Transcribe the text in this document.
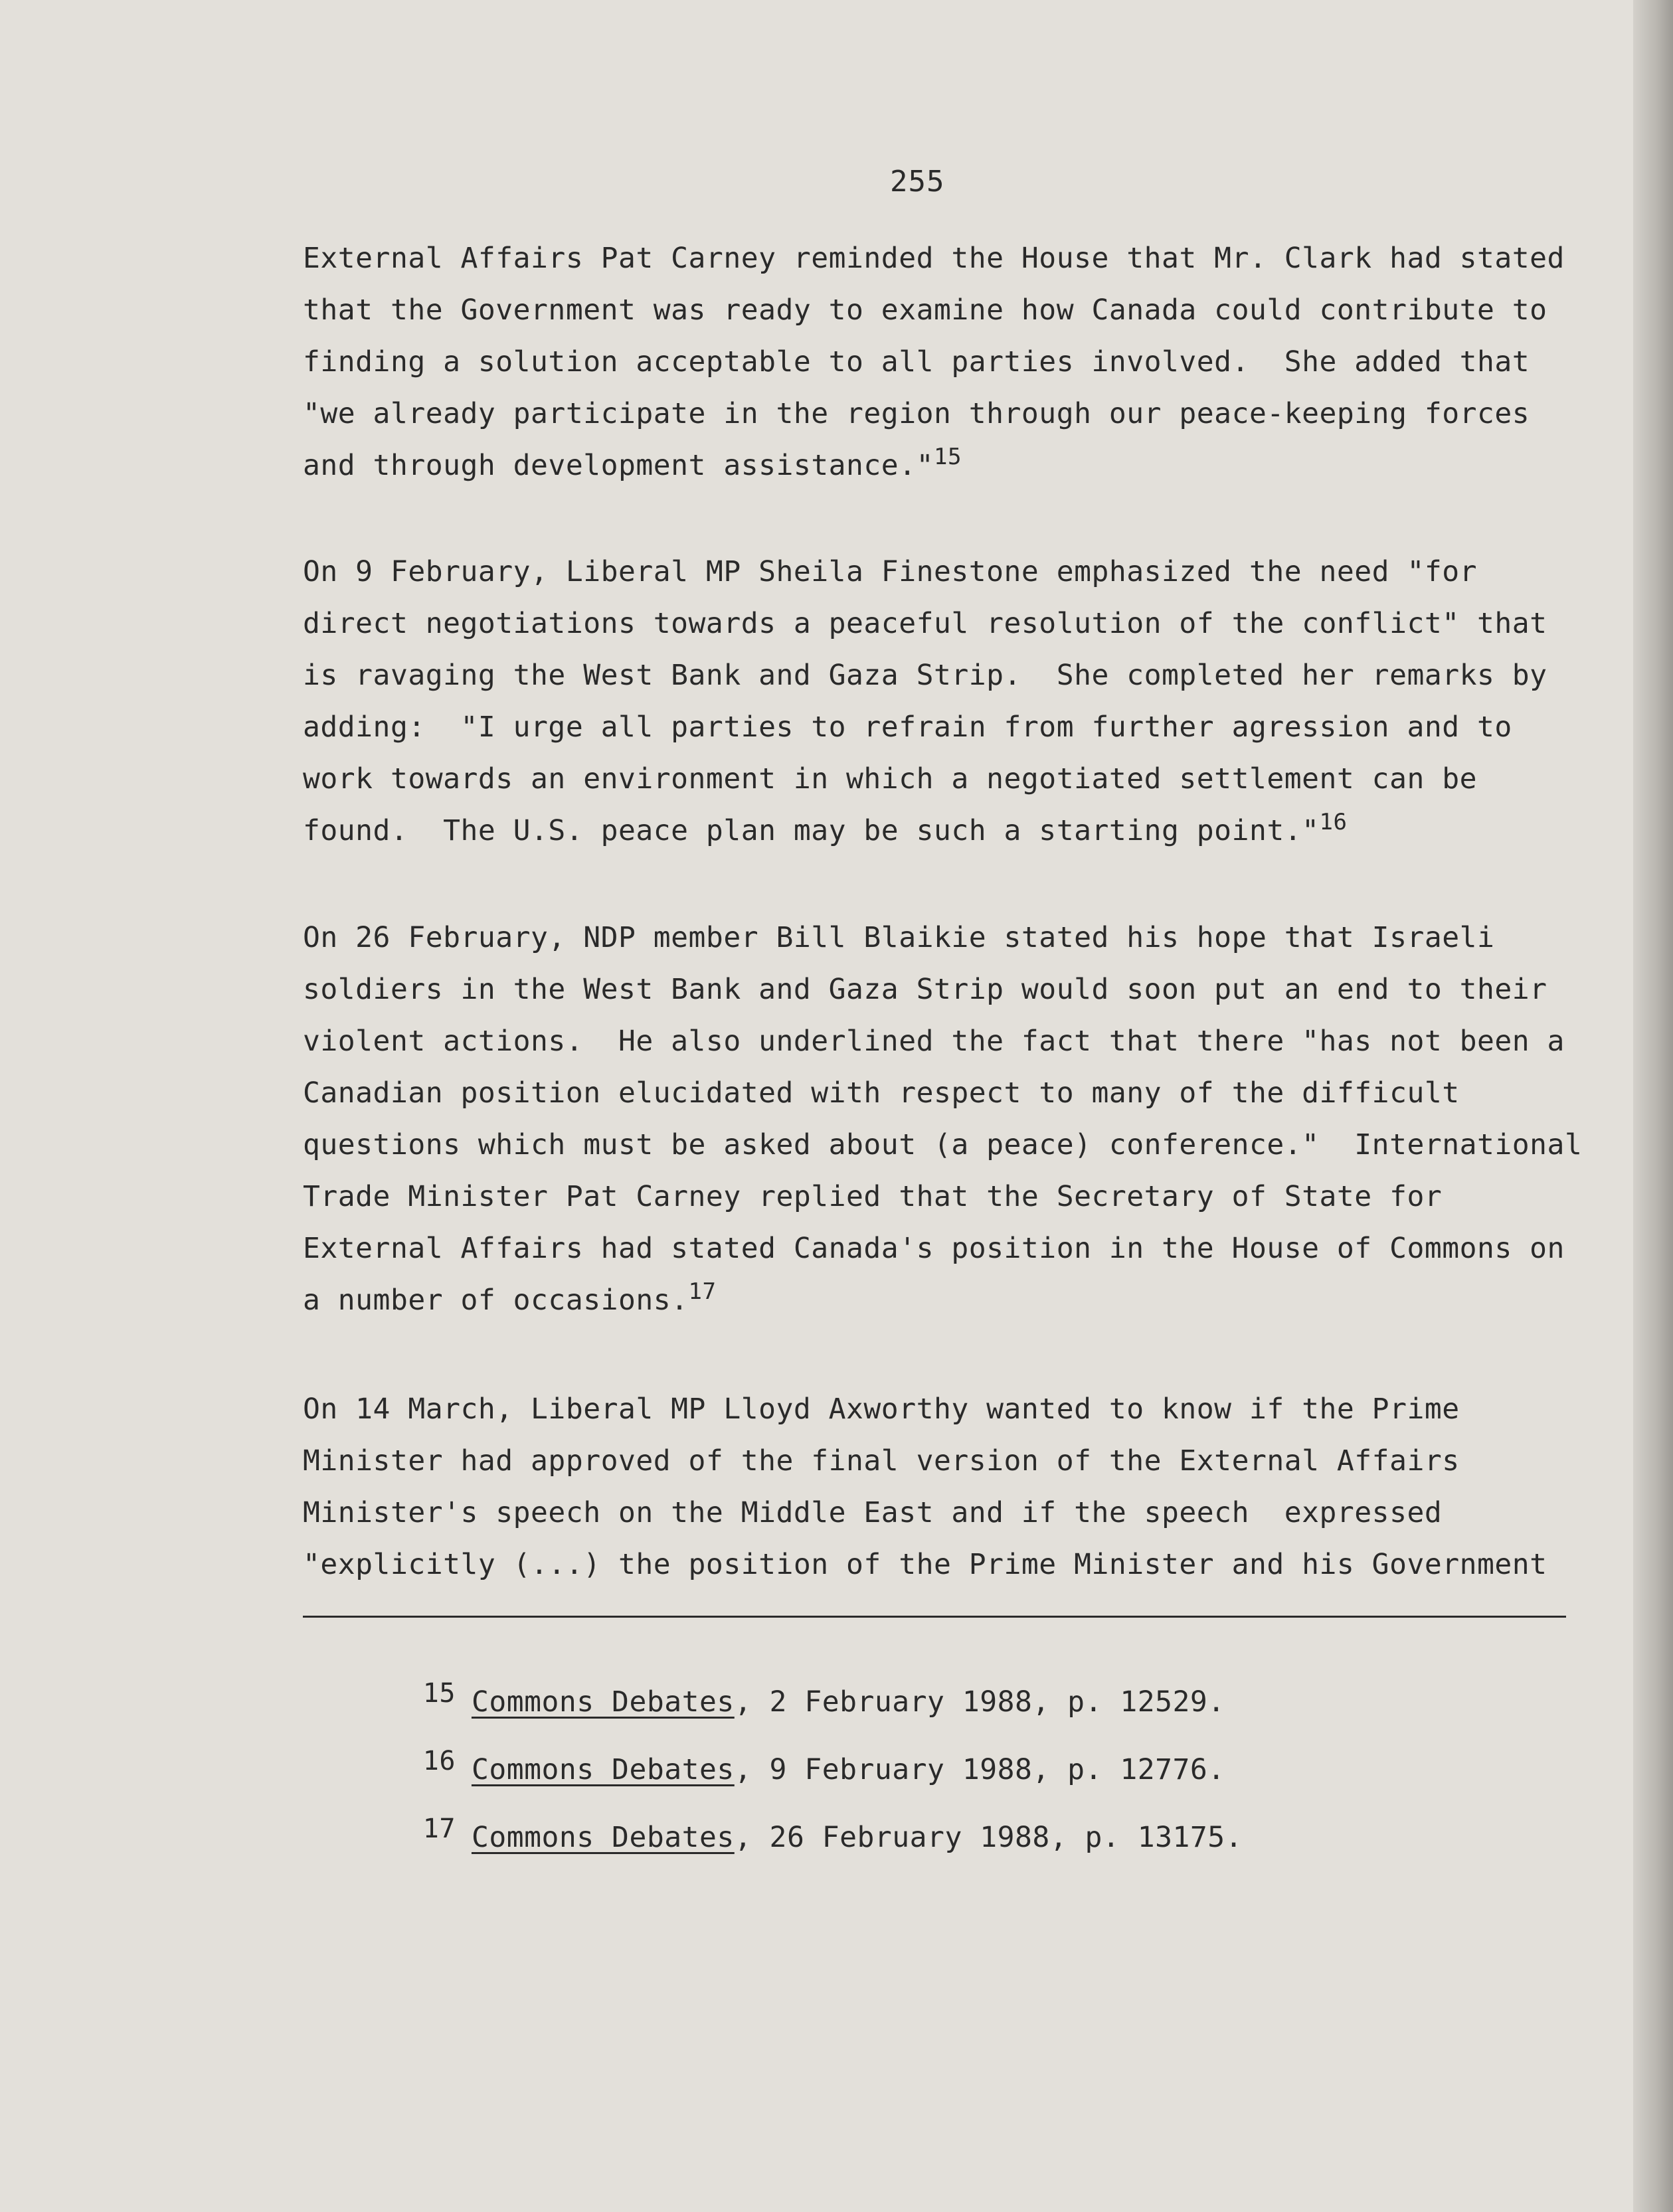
255
External Affairs Pat Carney reminded the House that Mr. Clark had stated
that the Government was ready to examine how Canada could contribute to
finding a solution acceptable to all parties involved.  She added that
"we already participate in the region through our peace-keeping forces
and through development assistance."$^{15}$
On 9 February, Liberal MP Sheila Finestone emphasized the need "for
direct negotiations towards a peaceful resolution of the conflict" that
is ravaging the West Bank and Gaza Strip.  She completed her remarks by
adding:  "I urge all parties to refrain from further agression and to
work towards an environment in which a negotiated settlement can be
found.  The U.S. peace plan may be such a starting point."$^{16}$
On 26 February, NDP member Bill Blaikie stated his hope that Israeli
soldiers in the West Bank and Gaza Strip would soon put an end to their
violent actions.  He also underlined the fact that there "has not been a
Canadian position elucidated with respect to many of the difficult
questions which must be asked about (a peace) conference."  International
Trade Minister Pat Carney replied that the Secretary of State for
External Affairs had stated Canada's position in the House of Commons on
a number of occasions.$^{17}$
On 14 March, Liberal MP Lloyd Axworthy wanted to know if the Prime
Minister had approved of the final version of the External Affairs
Minister's speech on the Middle East and if the speech  expressed
"explicitly (...) the position of the Prime Minister and his Government

15 Commons Debates, 2 February 1988, p. 12529.

16 Commons Debates, 9 February 1988, p. 12776.

17 Commons Debates, 26 February 1988, p. 13175.
